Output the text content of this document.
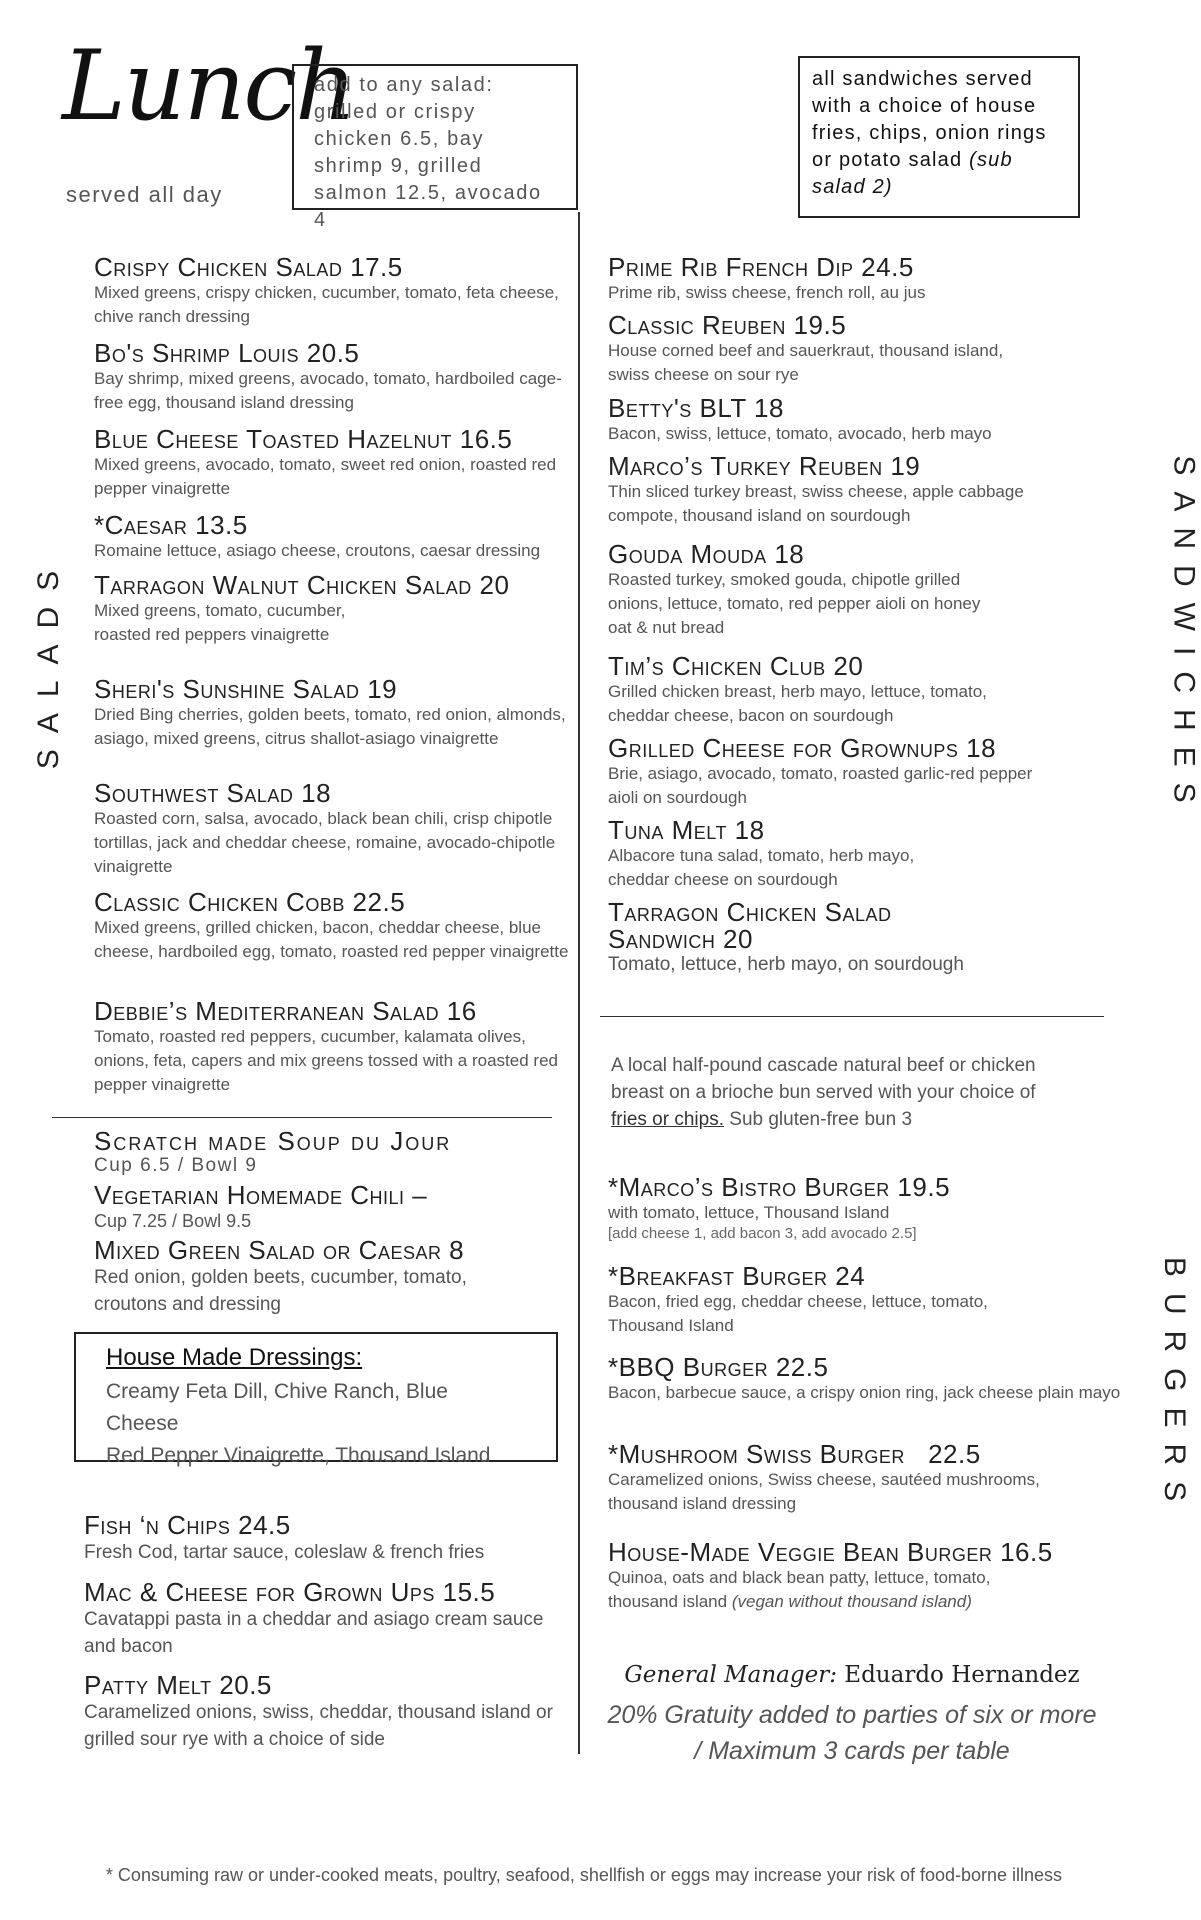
Lunch
served all day
add to any salad: grilled or crispy chicken 6.5, bay shrimp 9, grilled salmon 12.5, avocado 4
all sandwiches served with a choice of house fries, chips, onion rings or potato salad (sub salad 2)
SALADS	SANDWICHES
BURGERS
Crispy Chicken Salad 17.5
Mixed greens, crispy chicken, cucumber, tomato, feta cheese, chive ranch dressing
Bo's Shrimp Louis 20.5
Bay shrimp, mixed greens, avocado, tomato, hardboiled cage-free egg, thousand island dressing
Blue Cheese Toasted Hazelnut 16.5
Mixed greens, avocado, tomato, sweet red onion, roasted red pepper vinaigrette
*Caesar 13.5
Romaine lettuce, asiago cheese, croutons, caesar dressing
Tarragon Walnut Chicken Salad 20
Mixed greens, tomato, cucumber, roasted red peppers vinaigrette
Sheri's Sunshine Salad 19
Dried Bing cherries, golden beets, tomato, red onion, almonds, asiago, mixed greens, citrus shallot-asiago vinaigrette
Southwest Salad 18
Roasted corn, salsa, avocado, black bean chili, crisp chipotle tortillas, jack and cheddar cheese, romaine, avocado-chipotle vinaigrette
Classic Chicken Cobb 22.5
Mixed greens, grilled chicken, bacon, cheddar cheese, blue cheese, hardboiled egg, tomato, roasted red pepper vinaigrette
Debbie’s Mediterranean Salad 16
Tomato, roasted red peppers, cucumber, kalamata olives, onions, feta, capers and mix greens tossed with a roasted red pepper vinaigrette
Scratch made Soup du Jour
Cup 6.5 / Bowl 9
Vegetarian Homemade Chili –
Cup 7.25 / Bowl 9.5
Mixed Green Salad or Caesar 8
Red onion, golden beets, cucumber, tomato, croutons and dressing
House Made Dressings:
Creamy Feta Dill, Chive Ranch, Blue Cheese
Red Pepper Vinaigrette, Thousand Island
Fish ‘n Chips 24.5
Fresh Cod, tartar sauce, coleslaw & french fries
Mac & Cheese for Grown Ups 15.5
Cavatappi pasta in a cheddar and asiago cream sauce and bacon
Patty Melt 20.5
Caramelized onions, swiss, cheddar, thousand island or grilled sour rye with a choice of side
Prime Rib French Dip 24.5
Prime rib, swiss cheese, french roll, au jus
Classic Reuben 19.5
House corned beef and sauerkraut, thousand island, swiss cheese on sour rye
Betty's BLT 18
Bacon, swiss, lettuce, tomato, avocado, herb mayo
Marco’s Turkey Reuben 19
Thin sliced turkey breast, swiss cheese, apple cabbage compote, thousand island on sourdough
Gouda Mouda 18
Roasted turkey, smoked gouda, chipotle grilled onions, lettuce, tomato, red pepper aioli on honey oat & nut bread
Tim’s Chicken Club 20
Grilled chicken breast, herb mayo, lettuce, tomato, cheddar cheese, bacon on sourdough
Grilled Cheese for Grownups 18
Brie, asiago, avocado, tomato, roasted garlic-red pepper aioli on sourdough
Tuna Melt 18
Albacore tuna salad, tomato, herb mayo, cheddar cheese on sourdough
Tarragon Chicken Salad Sandwich 20
Tomato, lettuce, herb mayo, on sourdough
A local half-pound cascade natural beef or chicken breast on a brioche bun served with your choice of fries or chips. Sub gluten-free bun 3
*Marco’s Bistro Burger 19.5
with tomato, lettuce, Thousand Island
[add cheese 1, add bacon 3, add avocado 2.5]
*Breakfast Burger 24
Bacon, fried egg, cheddar cheese, lettuce, tomato, Thousand Island
*BBQ Burger 22.5
Bacon, barbecue sauce, a crispy onion ring, jack cheese plain mayo
*Mushroom Swiss Burger   22.5
Caramelized onions, Swiss cheese, sautéed mushrooms, thousand island dressing
House-Made Veggie Bean Burger 16.5
Quinoa, oats and black bean patty, lettuce, tomato, thousand island (vegan without thousand island)
General Manager: Eduardo Hernandez
20% Gratuity added to parties of six or more / Maximum 3 cards per table
* Consuming raw or under-cooked meats, poultry, seafood, shellfish or eggs may increase your risk of food-borne illness
